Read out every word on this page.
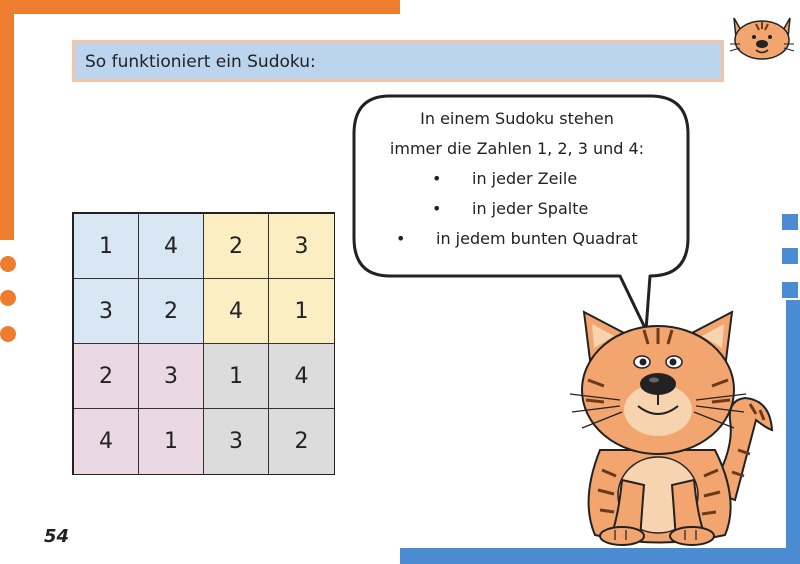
So funktioniert ein Sudoku:
1	4	2	3
3	2	4	1
2	3	1	4
4	1	3	2
In einem Sudoku stehen
immer die Zahlen 1, 2, 3 und 4:
• in jeder Zeile
• in jeder Spalte
• in jedem bunten Quadrat
54
